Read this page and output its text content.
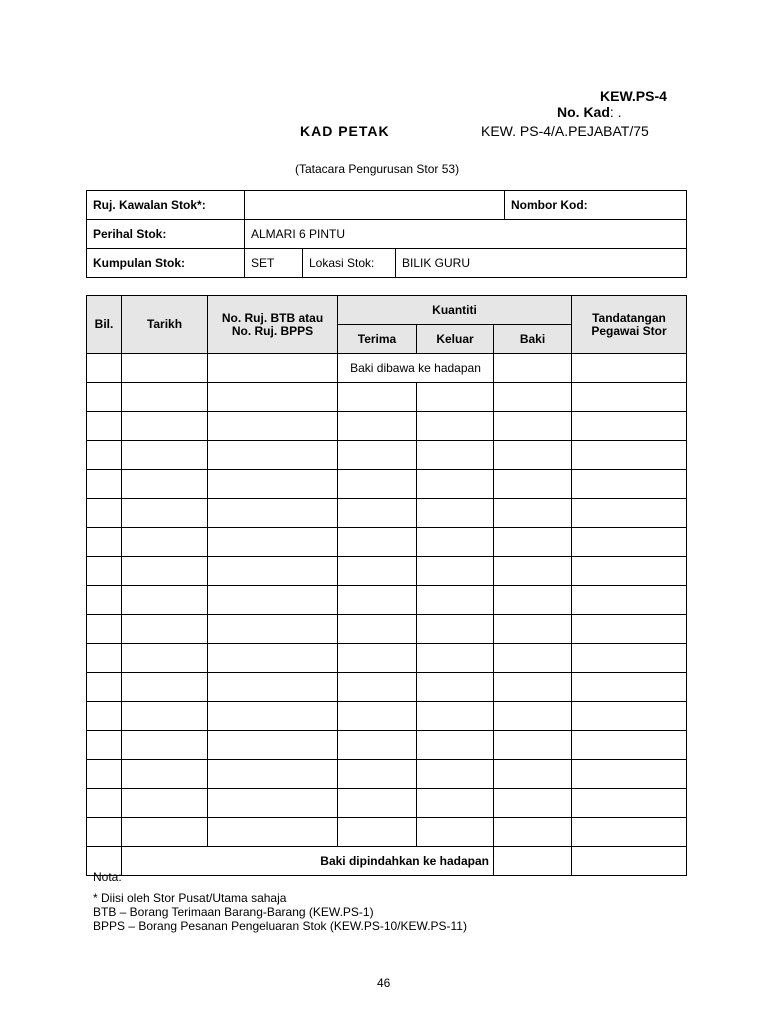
KEW.PS-4
No. Kad: .
KAD PETAK	KEW. PS-4/A.PEJABAT/75
(Tatacara Pengurusan Stor 53)
Ruj. Kawalan Stok*:				Nombor Kod:	
Perihal Stok:	ALMARI 6 PINTU				
Kumpulan Stok:	SET	Lokasi Stok:	BILIK GURU		
Bil.	Tarikh	No. Ruj. BTB atau No. Ruj. BPPS	Kuantiti			Tandatangan Pegawai Stor
			Terima	Keluar	Baki	
			Baki dibawa ke hadapan			

	Baki dipindahkan ke hadapan					
Nota:
* Diisi oleh Stor Pusat/Utama sahaja
BTB – Borang Terimaan Barang-Barang (KEW.PS-1)
BPPS – Borang Pesanan Pengeluaran Stok (KEW.PS-10/KEW.PS-11)
46
